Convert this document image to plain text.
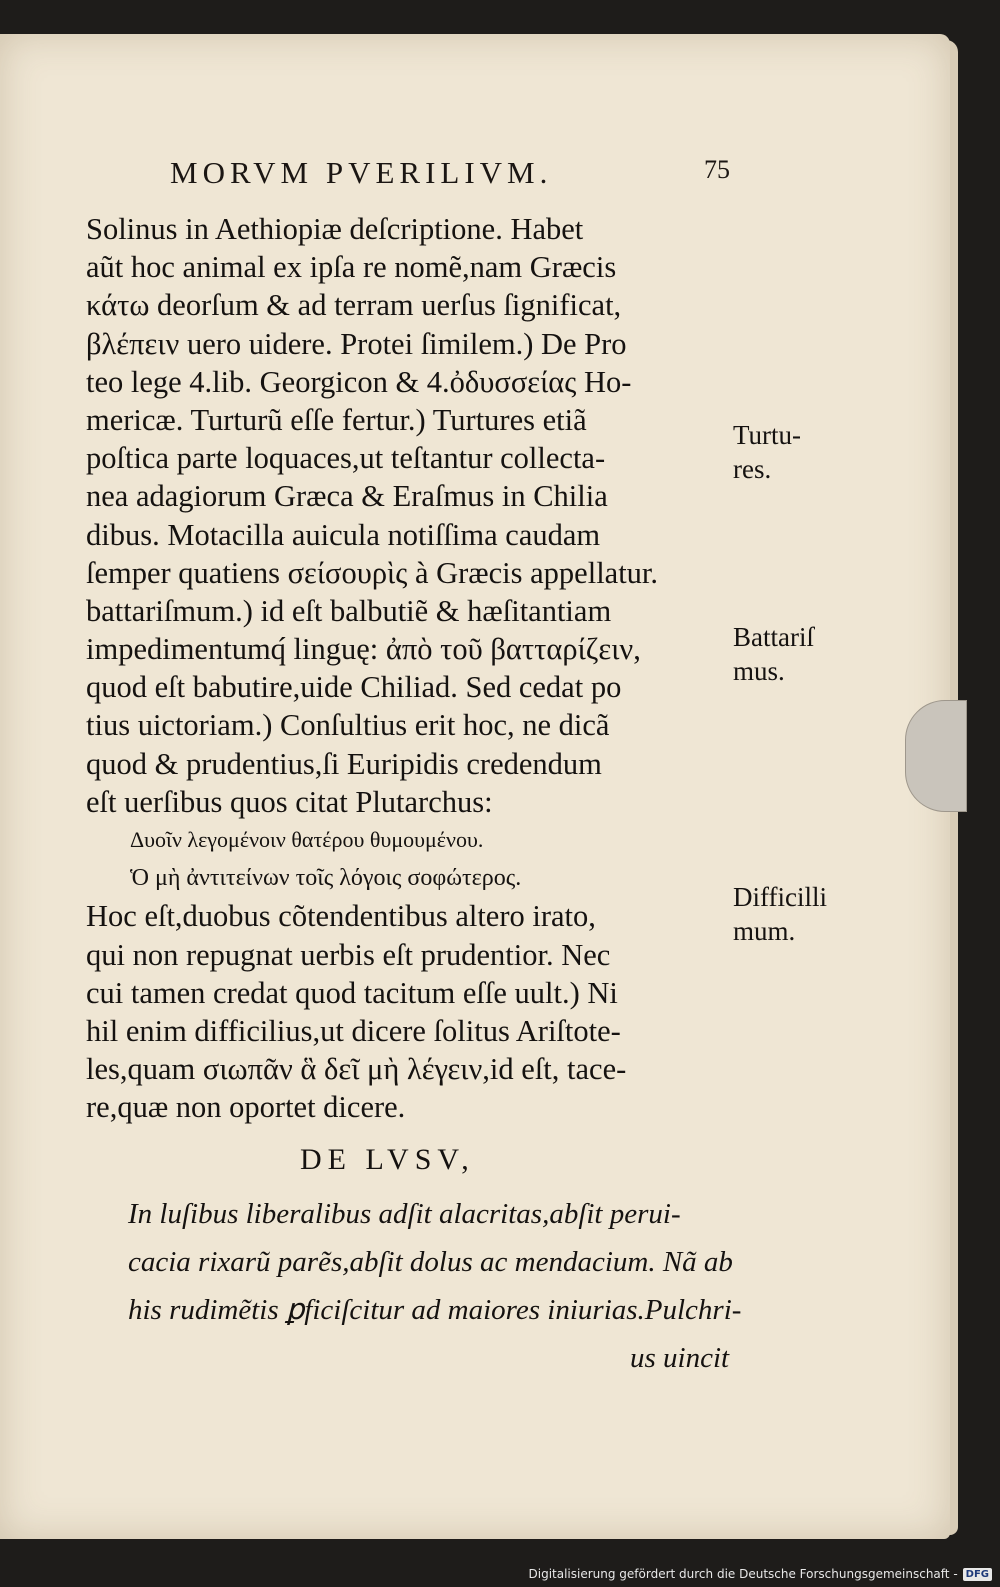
MORVM PVERILIVM.	75
Solinus in Aethiopiæ deſcriptione. Habet
aũt hoc animal ex ipſa re nomẽ,nam Græcis
κάτω deorſum & ad terram uerſus ſignificat,
βλέπειν uero uidere. Protei ſimilem.) De Pro
teo lege 4.lib. Georgicon & 4.ὀδυσσείας Ho-
mericæ. Turturũ eſſe fertur.) Turtures etiã
poſtica parte loquaces,ut teſtantur collecta-
nea adagiorum Græca & Eraſmus in Chilia
dibus. Motacilla auicula notiſſima caudam
ſemper quatiens σείσουρὶς à Græcis appellatur.
battariſmum.) id eſt balbutiẽ & hæſitantiam
impedimentumq́ linguę: ἀπὸ τοῦ βατταρίζειν,
quod eſt babutire,uide Chiliad. Sed cedat po
tius uictoriam.) Conſultius erit hoc, ne dicã
quod & prudentius,ſi Euripidis credendum
eſt uerſibus quos citat Plutarchus:
Δυοῖν λεγομένοιν θατέρου θυμουμένου.
Ὁ μὴ ἀντιτείνων τοῖς λόγοις σοφώτερος.
Hoc eſt,duobus cõtendentibus altero irato,
qui non repugnat uerbis eſt prudentior. Nec
cui tamen credat quod tacitum eſſe uult.) Ni
hil enim difficilius,ut dicere ſolitus Ariſtote-
les,quam σιωπᾶν ἃ δεῖ μὴ λέγειν,id eſt, tace-
re,quæ non oportet dicere.
DE LVSV,
In luſibus liberalibus adſit alacritas,abſit perui-
cacia rixarũ parẽs,abſit dolus ac mendacium. Nã ab
his rudimẽtis ꝑficiſcitur ad maiores iniurias.Pulchri-
us uincit
Turtu-
res.
Battariſ
mus.
Difficilli
mum.
Digitalisierung gefördert durch die Deutsche Forschungsgemeinschaft - DFG
